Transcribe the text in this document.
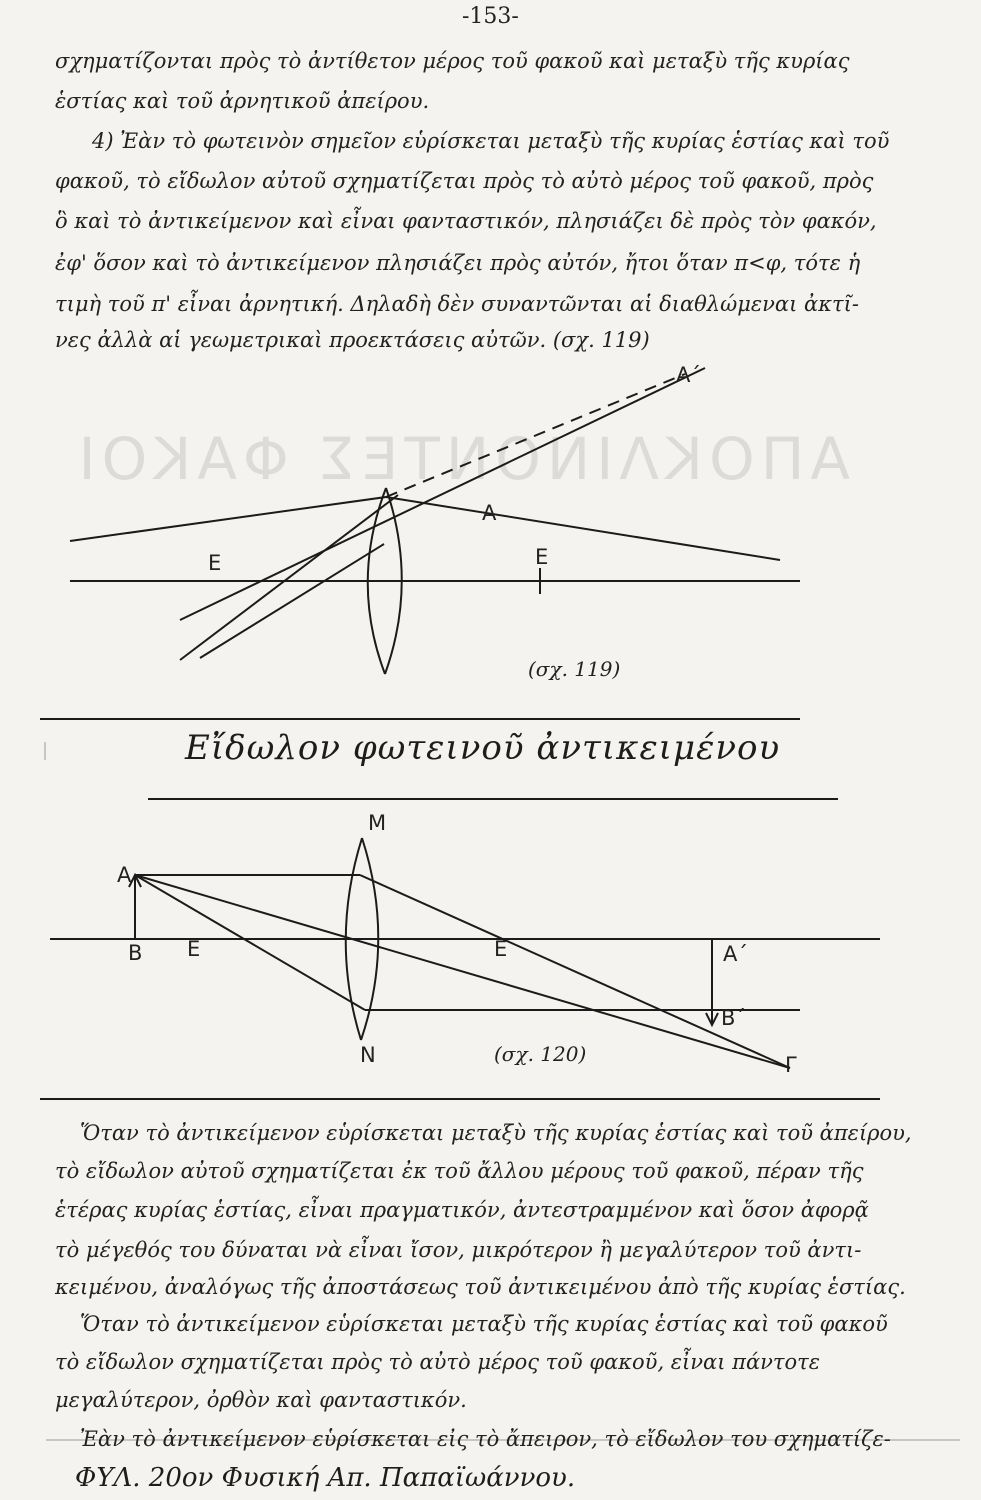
ΑΠΟΚΛΙΝΟΝΤΕΣ ΦΑΚΟΙ
-153-
σχηματίζονται πρὸς τὸ ἀντίθετον μέρος τοῦ φακοῦ καὶ μεταξὺ τῆς κυρίας
ἑστίας καὶ τοῦ ἀρνητικοῦ ἀπείρου.
4) Ἐὰν τὸ φωτεινὸν σημεῖον εὑρίσκεται μεταξὺ τῆς κυρίας ἑστίας καὶ τοῦ
φακοῦ, τὸ εἴδωλον αὐτοῦ σχηματίζεται πρὸς τὸ αὐτὸ μέρος τοῦ φακοῦ, πρὸς
ὃ καὶ τὸ ἀντικείμενον καὶ εἶναι φανταστικόν, πλησιάζει δὲ πρὸς τὸν φακόν,
ἐφ' ὅσον καὶ τὸ ἀντικείμενον πλησιάζει πρὸς αὐτόν, ἤτοι ὅταν π<φ, τότε ἡ
τιμὴ τοῦ π' εἶναι ἀρνητική. Δηλαδὴ δὲν συναντῶνται αἱ διαθλώμεναι ἀκτῖ-
νες ἀλλὰ αἱ γεωμετρικαὶ προεκτάσεις αὐτῶν. (σχ. 119)
A΄
A
E	E
(σχ. 119)
Εἴδωλον φωτεινοῦ ἀντικειμένου
M
N
A
B E	E	A΄
B΄
Γ
(σχ. 120)
Ὅταν τὸ ἀντικείμενον εὑρίσκεται μεταξὺ τῆς κυρίας ἑστίας καὶ τοῦ ἀπείρου,
τὸ εἴδωλον αὐτοῦ σχηματίζεται ἐκ τοῦ ἄλλου μέρους τοῦ φακοῦ, πέραν τῆς
ἑτέρας κυρίας ἑστίας, εἶναι πραγματικόν, ἀντεστραμμένον καὶ ὅσον ἀφορᾷ
τὸ μέγεθός του δύναται νὰ εἶναι ἴσον, μικρότερον ἢ μεγαλύτερον τοῦ ἀντι-
κειμένου, ἀναλόγως τῆς ἀποστάσεως τοῦ ἀντικειμένου ἀπὸ τῆς κυρίας ἑστίας.
Ὅταν τὸ ἀντικείμενον εὑρίσκεται μεταξὺ τῆς κυρίας ἑστίας καὶ τοῦ φακοῦ
τὸ εἴδωλον σχηματίζεται πρὸς τὸ αὐτὸ μέρος τοῦ φακοῦ, εἶναι πάντοτε
μεγαλύτερον, ὀρθὸν καὶ φανταστικόν.
Ἐὰν τὸ ἀντικείμενον εὑρίσκεται εἰς τὸ ἄπειρον, τὸ εἴδωλον του σχηματίζε-
ΦΥΛ. 20ον Φυσική Απ. Παπαϊωάννου.
